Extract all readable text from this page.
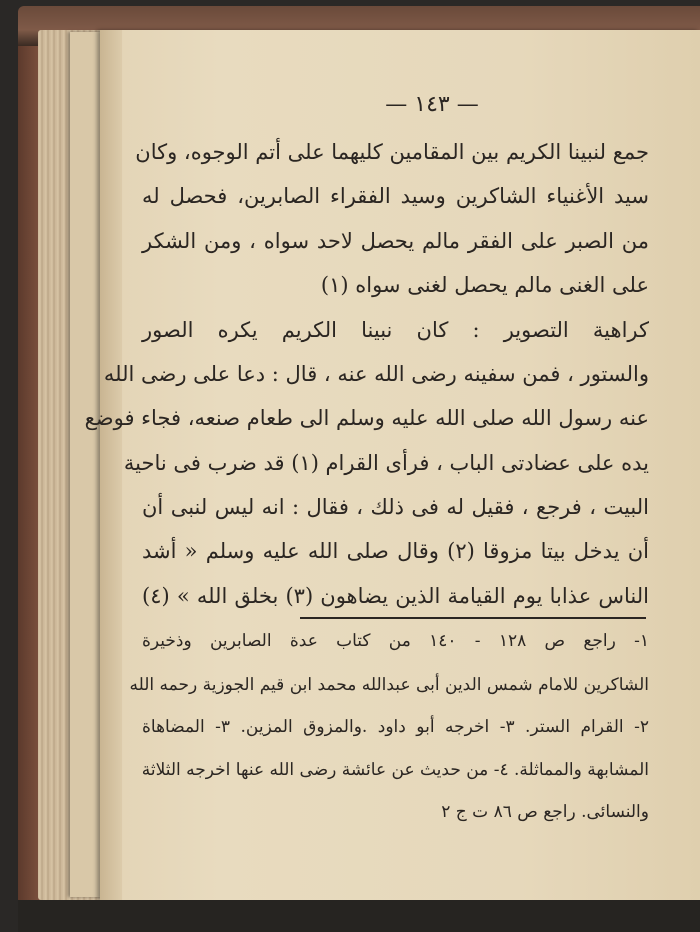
— ١٤٣ —
جمع لنبينا الكريم بين المقامين كليهما على أتم الوجوه، وكان
سيد الأغنياء الشاكرين وسيد الفقراء الصابرين، فحصل له
من الصبر على الفقر مالم يحصل لاحد سواه ، ومن الشكر
على الغنى مالم يحصل لغنى سواه (١)
كراهية التصوير : كان نبينا الكريم يكره الصور
والستور ، فمن سفينه رضى الله عنه ، قال : دعا على رضى الله
عنه رسول الله صلى الله عليه وسلم الى طعام صنعه، فجاء فوضع
يده على عضادتى الباب ، فرأى القرام (١) قد ضرب فى ناحية
البيت ، فرجع ، فقيل له فى ذلك ، فقال : انه ليس لنبى أن
أن يدخل بيتا مزوقا (٢) وقال صلى الله عليه وسلم « أشد
الناس عذابا يوم القيامة الذين يضاهون (٣) بخلق الله » (٤)
١- راجع ص ١٢٨ - ١٤٠ من كتاب عدة الصابرين وذخيرة
الشاكرين للامام شمس الدين أبى عبدالله محمد ابن قيم الجوزية رحمه الله
٢- القرام الستر. ٣- اخرجه أبو داود .والمزوق المزين. ٣- المضاهاة
المشابهة والمماثلة. ٤- من حديث عن عائشة رضى الله عنها اخرجه الثلاثة
والنسائى. راجع ص ٨٦ ت ج ٢
